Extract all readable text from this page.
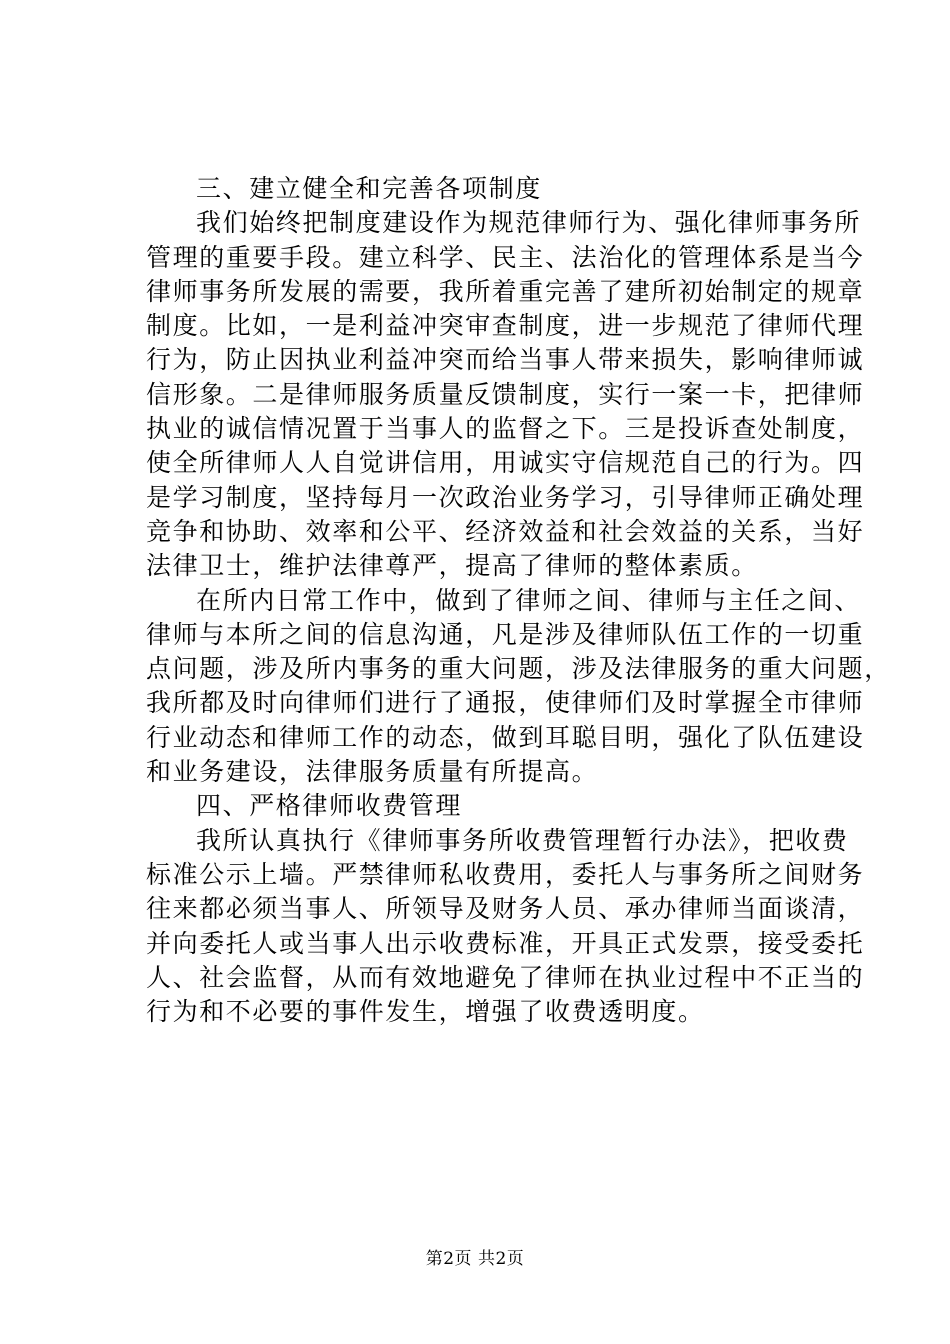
三、建立健全和完善各项制度

我们始终把制度建设作为规范律师行为、强化律师事务所
管理的重要手段。建立科学、民主、法治化的管理体系是当今
律师事务所发展的需要，我所着重完善了建所初始制定的规章
制度。比如，一是利益冲突审查制度，进一步规范了律师代理
行为，防止因执业利益冲突而给当事人带来损失，影响律师诚
信形象。二是律师服务质量反馈制度，实行一案一卡，把律师
执业的诚信情况置于当事人的监督之下。三是投诉查处制度，
使全所律师人人自觉讲信用，用诚实守信规范自己的行为。四
是学习制度，坚持每月一次政治业务学习，引导律师正确处理
竞争和协助、效率和公平、经济效益和社会效益的关系，当好
法律卫士，维护法律尊严，提高了律师的整体素质。
在所内日常工作中，做到了律师之间、律师与主任之间、
律师与本所之间的信息沟通，凡是涉及律师队伍工作的一切重
点问题，涉及所内事务的重大问题，涉及法律服务的重大问题，
我所都及时向律师们进行了通报，使律师们及时掌握全市律师
行业动态和律师工作的动态，做到耳聪目明，强化了队伍建设
和业务建设，法律服务质量有所提高。

四、严格律师收费管理

我所认真执行《律师事务所收费管理暂行办法》，把收费
标准公示上墙。严禁律师私收费用，委托人与事务所之间财务
往来都必须当事人、所领导及财务人员、承办律师当面谈清，
并向委托人或当事人出示收费标准，开具正式发票，接受委托
人、社会监督，从而有效地避免了律师在执业过程中不正当的
行为和不必要的事件发生，增强了收费透明度。
第2页 共2页
